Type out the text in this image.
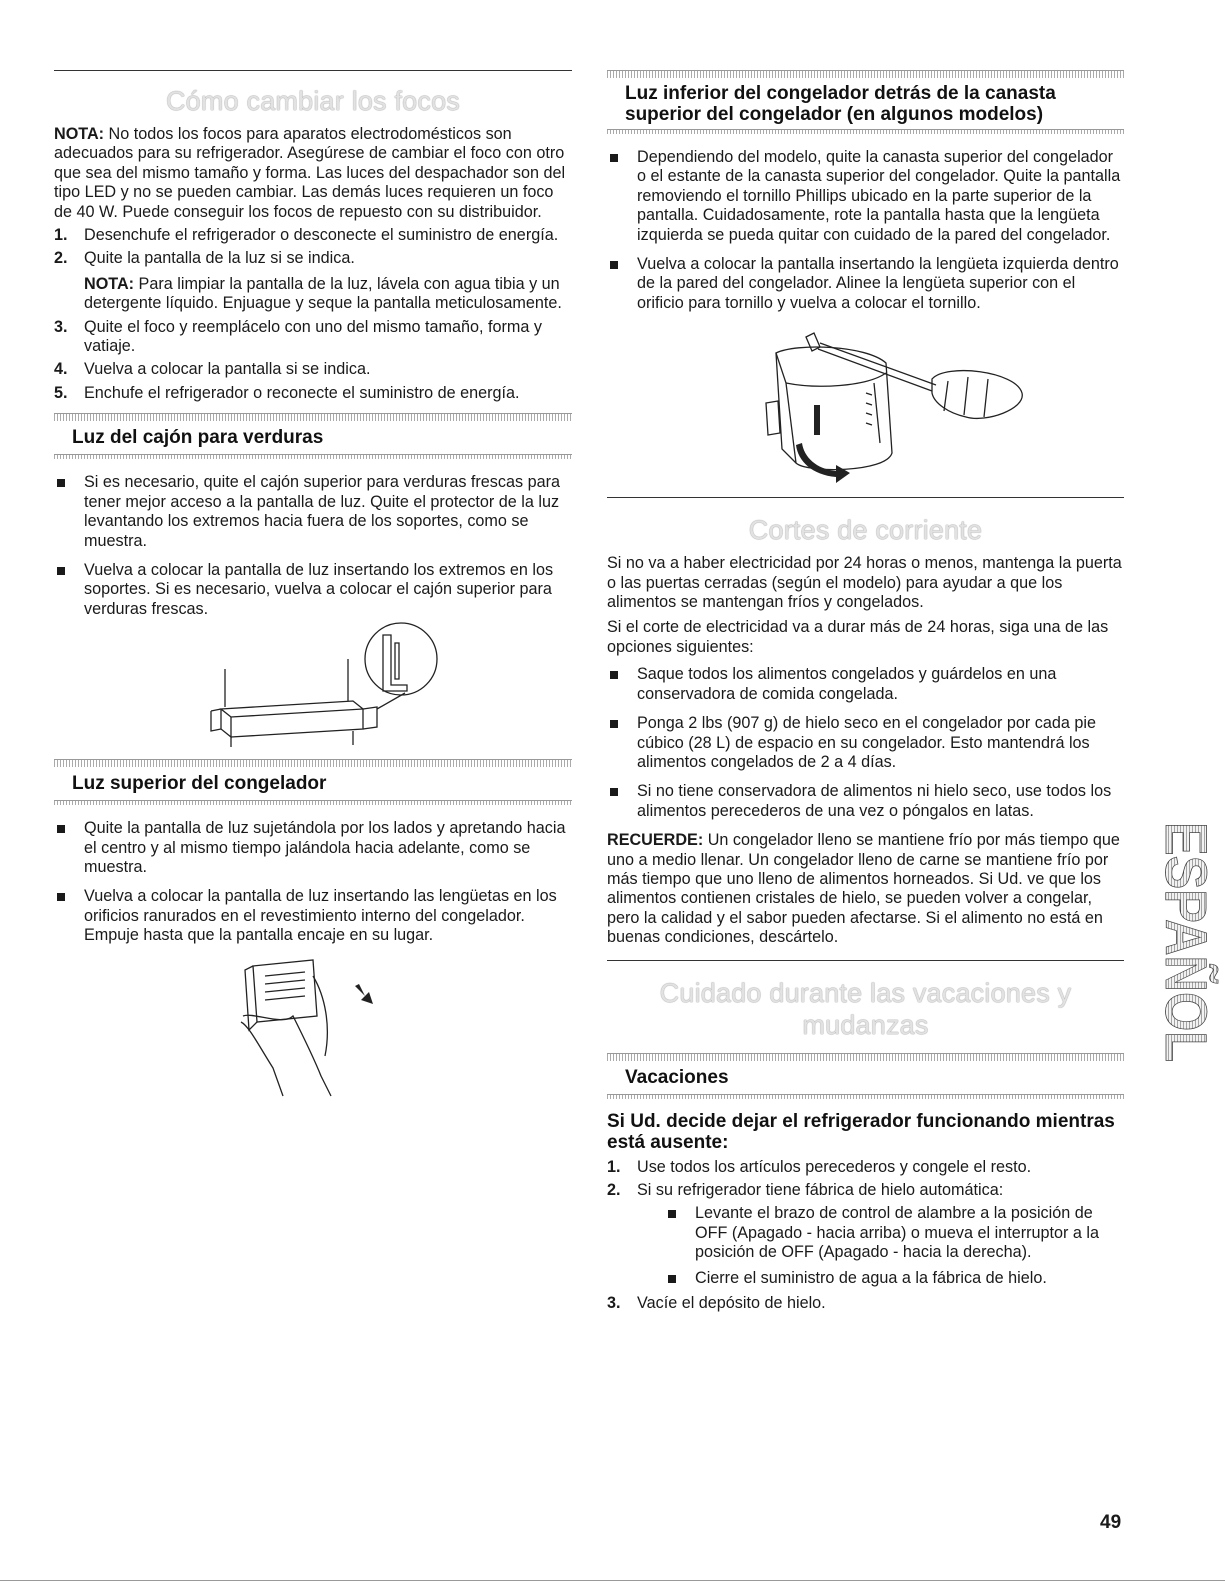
Cómo cambiar los focos

NOTA: No todos los focos para aparatos electrodomésticos son adecuados para su refrigerador. Asegúrese de cambiar el foco con otro que sea del mismo tamaño y forma. Las luces del despachador son del tipo LED y no se pueden cambiar. Las demás luces requieren un foco de 40 W. Puede conseguir los focos de repuesto con su distribuidor.

1. Desenchufe el refrigerador o desconecte el suministro de energía.
2. Quite la pantalla de la luz si se indica.
NOTA: Para limpiar la pantalla de la luz, lávela con agua tibia y un detergente líquido. Enjuague y seque la pantalla meticulosamente.
3. Quite el foco y reemplácelo con uno del mismo tamaño, forma y vatiaje.
4. Vuelva a colocar la pantalla si se indica.
5. Enchufe el refrigerador o reconecte el suministro de energía.
Luz del cajón para verduras
Si es necesario, quite el cajón superior para verduras frescas para tener mejor acceso a la pantalla de luz. Quite el protector de la luz levantando los extremos hacia fuera de los soportes, como se muestra.
Vuelva a colocar la pantalla de luz insertando los extremos en los soportes. Si es necesario, vuelva a colocar el cajón superior para verduras frescas.
Luz superior del congelador
Quite la pantalla de luz sujetándola por los lados y apretando hacia el centro y al mismo tiempo jalándola hacia adelante, como se muestra.
Vuelva a colocar la pantalla de luz insertando las lengüetas en los orificios ranurados en el revestimiento interno del congelador. Empuje hasta que la pantalla encaje en su lugar.
Luz inferior del congelador detrás de la canasta superior del congelador (en algunos modelos)
Dependiendo del modelo, quite la canasta superior del congelador o el estante de la canasta superior del congelador. Quite la pantalla removiendo el tornillo Phillips ubicado en la parte superior de la pantalla. Cuidadosamente, rote la pantalla hasta que la lengüeta izquierda se pueda quitar con cuidado de la pared del congelador.
Vuelva a colocar la pantalla insertando la lengüeta izquierda dentro de la pared del congelador. Alinee la lengüeta superior con el orificio para tornillo y vuelva a colocar el tornillo.
Cortes de corriente

Si no va a haber electricidad por 24 horas o menos, mantenga la puerta o las puertas cerradas (según el modelo) para ayudar a que los alimentos se mantengan fríos y congelados.

Si el corte de electricidad va a durar más de 24 horas, siga una de las opciones siguientes:

Saque todos los alimentos congelados y guárdelos en una conservadora de comida congelada.
Ponga 2 lbs (907 g) de hielo seco en el congelador por cada pie cúbico (28 L) de espacio en su congelador. Esto mantendrá los alimentos congelados de 2 a 4 días.
Si no tiene conservadora de alimentos ni hielo seco, use todos los alimentos perecederos de una vez o póngalos en latas.

RECUERDE: Un congelador lleno se mantiene frío por más tiempo que uno a medio llenar. Un congelador lleno de carne se mantiene frío por más tiempo que uno lleno de alimentos horneados. Si Ud. ve que los alimentos contienen cristales de hielo, se pueden volver a congelar, pero la calidad y el sabor pueden afectarse. Si el alimento no está en buenas condiciones, descártelo.

Cuidado durante las vacaciones y
mudanzas
Vacaciones
Si Ud. decide dejar el refrigerador funcionando mientras está ausente:
1. Use todos los artículos perecederos y congele el resto.
2. Si su refrigerador tiene fábrica de hielo automática:
Levante el brazo de control de alambre a la posición de OFF (Apagado - hacia arriba) o mueva el interruptor a la posición de OFF (Apagado - hacia la derecha).
Cierre el suministro de agua a la fábrica de hielo.
3. Vacíe el depósito de hielo.
ESPAÑOL
49
